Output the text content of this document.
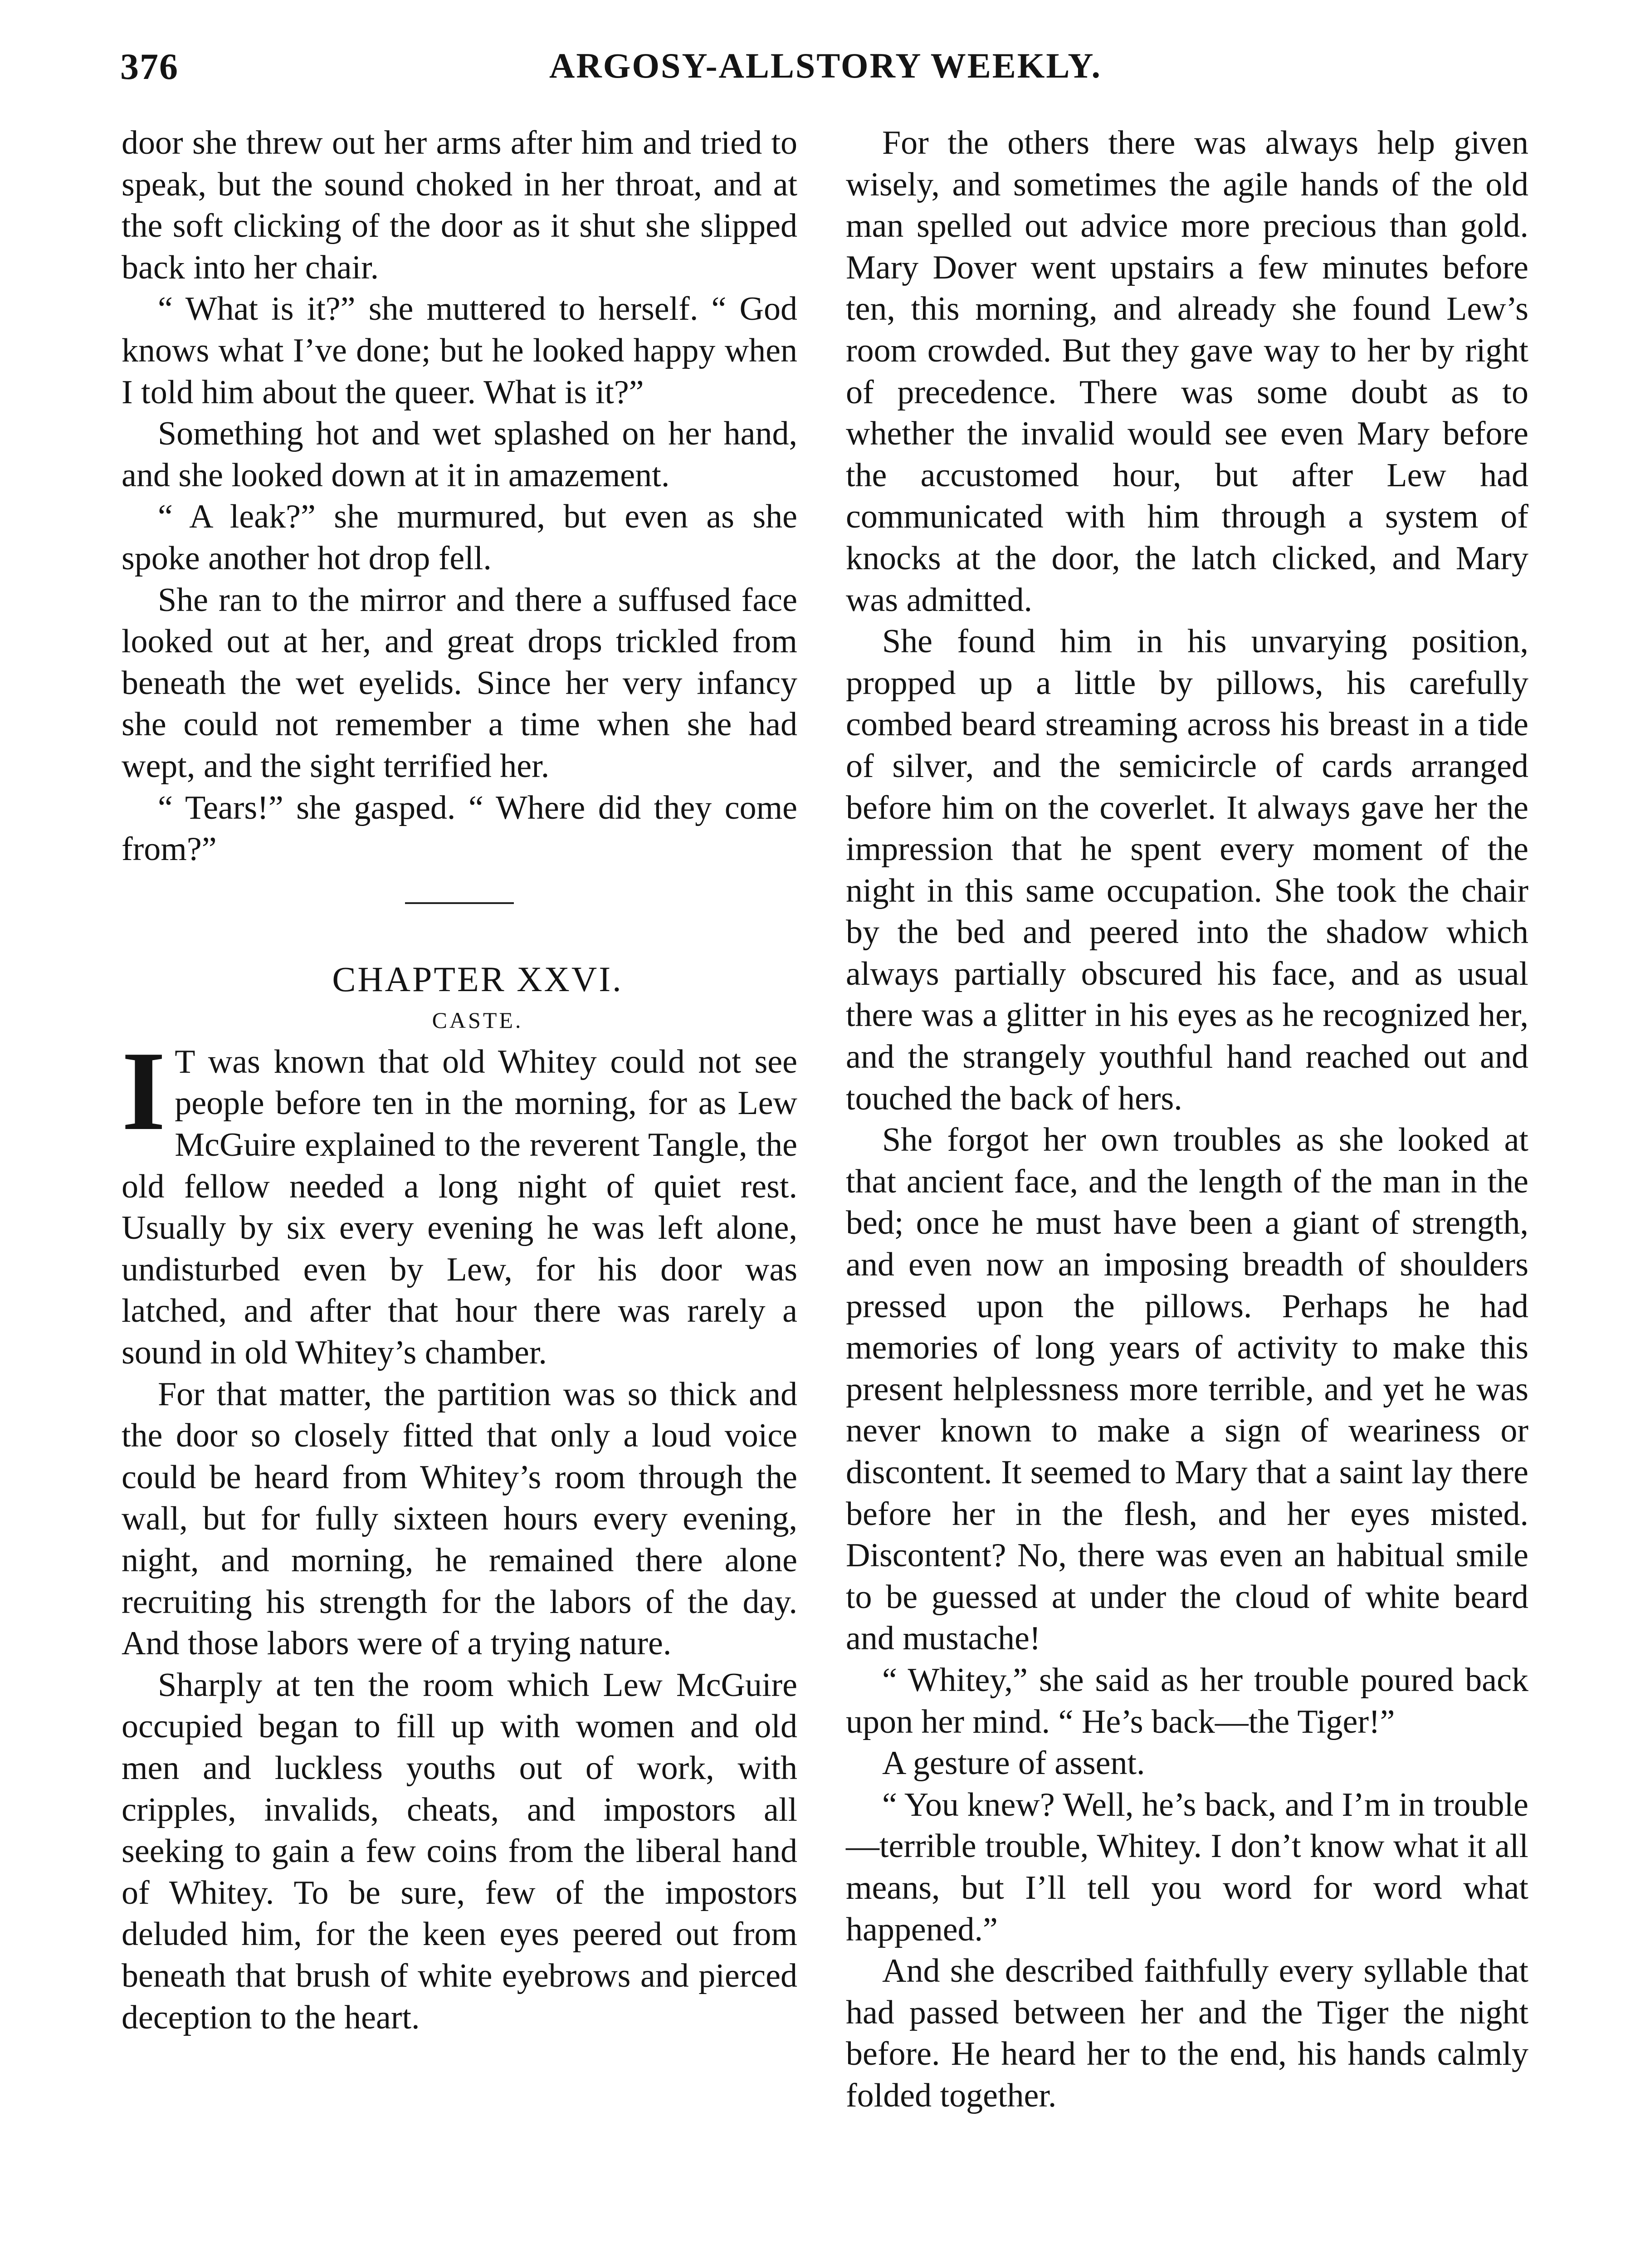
376	ARGOSY-ALLSTORY WEEKLY.

door she threw out her arms after him and tried to speak, but the sound choked in her throat, and at the soft clicking of the door as it shut she slipped back into her chair.

“ What is it?” she muttered to herself. “ God knows what I’ve done; but he looked happy when I told him about the queer. What is it?”

Something hot and wet splashed on her hand, and she looked down at it in amazement.

“ A leak?” she murmured, but even as she spoke another hot drop fell.

She ran to the mirror and there a suffused face looked out at her, and great drops trickled from beneath the wet eyelids. Since her very infancy she could not remember a time when she had wept, and the sight terrified her.

“ Tears!” she gasped. “ Where did they come from?”

CHAPTER XXVI.

CASTE.

I T was known that old Whitey could not see people before ten in the morning, for as Lew McGuire explained to the reverent Tangle, the old fellow needed a long night of quiet rest. Usually by six every evening he was left alone, undisturbed even by Lew, for his door was latched, and after that hour there was rarely a sound in old Whitey’s chamber.

For that matter, the partition was so thick and the door so closely fitted that only a loud voice could be heard from Whitey’s room through the wall, but for fully sixteen hours every evening, night, and morning, he remained there alone recruiting his strength for the labors of the day. And those labors were of a trying nature.

Sharply at ten the room which Lew McGuire occupied began to fill up with women and old men and luckless youths out of work, with cripples, invalids, cheats, and impostors all seeking to gain a few coins from the liberal hand of Whitey. To be sure, few of the impostors deluded him, for the keen eyes peered out from beneath that brush of white eyebrows and pierced deception to the heart.

For the others there was always help given wisely, and sometimes the agile hands of the old man spelled out advice more precious than gold. Mary Dover went upstairs a few minutes before ten, this morning, and already she found Lew’s room crowded. But they gave way to her by right of precedence. There was some doubt as to whether the invalid would see even Mary before the accustomed hour, but after Lew had communicated with him through a system of knocks at the door, the latch clicked, and Mary was admitted.

She found him in his unvarying position, propped up a little by pillows, his carefully combed beard streaming across his breast in a tide of silver, and the semicircle of cards arranged before him on the coverlet. It always gave her the impression that he spent every moment of the night in this same occupation. She took the chair by the bed and peered into the shadow which always partially obscured his face, and as usual there was a glitter in his eyes as he recognized her, and the strangely youthful hand reached out and touched the back of hers.

She forgot her own troubles as she looked at that ancient face, and the length of the man in the bed; once he must have been a giant of strength, and even now an imposing breadth of shoulders pressed upon the pillows. Perhaps he had memories of long years of activity to make this present helplessness more terrible, and yet he was never known to make a sign of weariness or discontent. It seemed to Mary that a saint lay there before her in the flesh, and her eyes misted. Discontent? No, there was even an habitual smile to be guessed at under the cloud of white beard and mustache!

“ Whitey,” she said as her trouble poured back upon her mind. “ He’s back—the Tiger!”

A gesture of assent.

“ You knew? Well, he’s back, and I’m in trouble—terrible trouble, Whitey. I don’t know what it all means, but I’ll tell you word for word what happened.”

And she described faithfully every syllable that had passed between her and the Tiger the night before. He heard her to the end, his hands calmly folded together.
